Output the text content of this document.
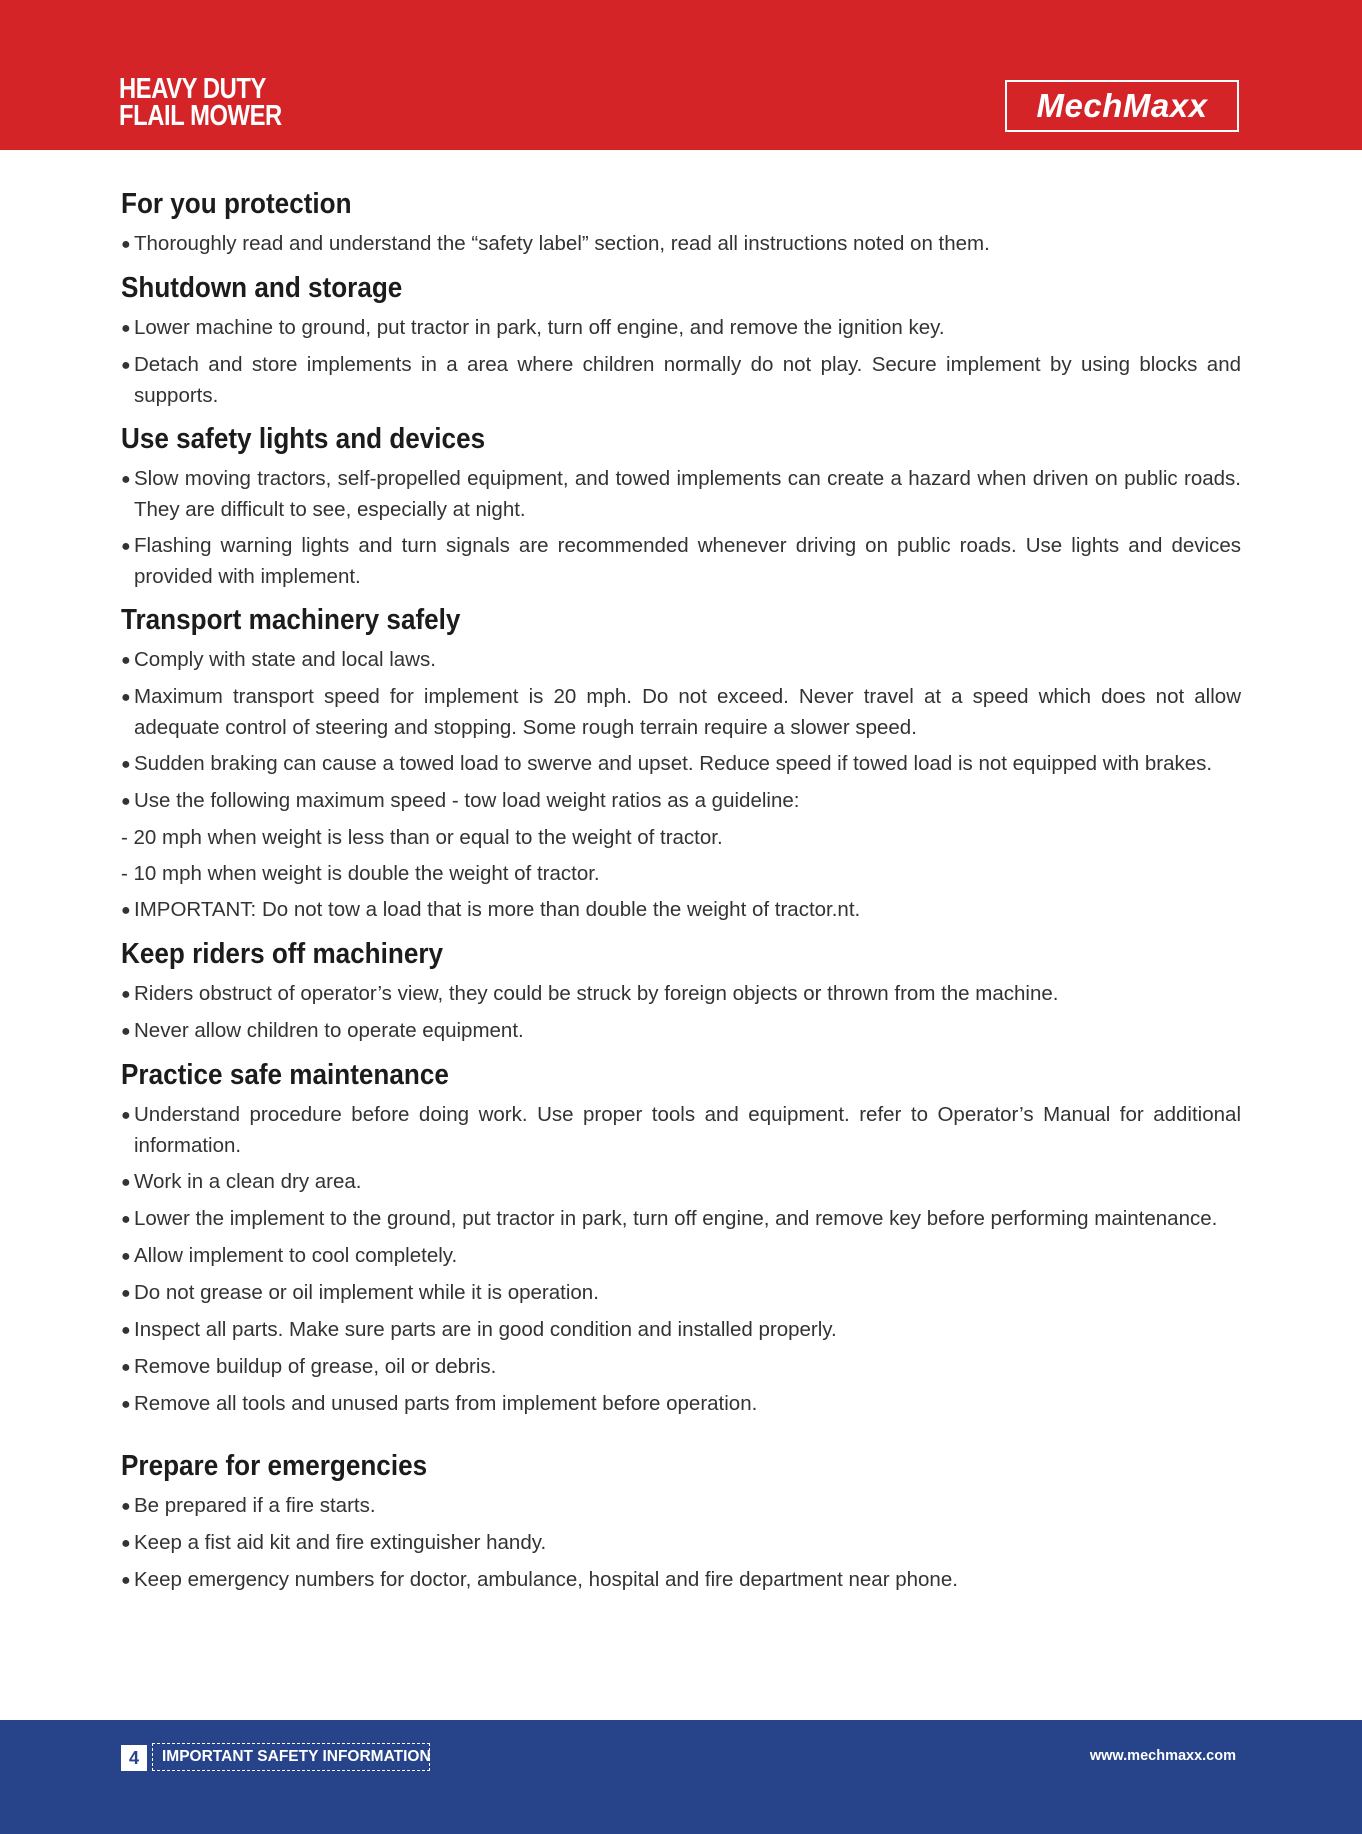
HEAVY DUTY
FLAIL MOWER	MechMaxx
For you protection
● Thoroughly read and understand the “safety label” section, read all instructions noted on them.
Shutdown and storage
● Lower machine to ground, put tractor in park, turn off engine, and remove the ignition key.
● Detach and store implements in a area where children normally do not play. Secure implement by using blocks and supports.
Use safety lights and devices
● Slow moving tractors, self-propelled equipment, and towed implements can create a hazard when driven on public roads. They are difficult to see, especially at night.
● Flashing warning lights and turn signals are recommended whenever driving on public roads. Use lights and devices provided with implement.
Transport machinery safely
● Comply with state and local laws.
● Maximum transport speed for implement is 20 mph. Do not exceed. Never travel at a speed which does not allow adequate control of steering and stopping. Some rough terrain require a slower speed.
● Sudden braking can cause a towed load to swerve and upset. Reduce speed if towed load is not equipped with brakes.
● Use the following maximum speed - tow load weight ratios as a guideline:
- 20 mph when weight is less than or equal to the weight of tractor.
- 10 mph when weight is double the weight of tractor.
● IMPORTANT: Do not tow a load that is more than double the weight of tractor.nt.
Keep riders off machinery
● Riders obstruct of operator’s view, they could be struck by foreign objects or thrown from the machine.
● Never allow children to operate equipment.
Practice safe maintenance
● Understand procedure before doing work. Use proper tools and equipment. refer to Operator’s Manual for additional information.
● Work in a clean dry area.
● Lower the implement to the ground, put tractor in park, turn off engine, and remove key before performing maintenance.
● Allow implement to cool completely.
● Do not grease or oil implement while it is operation.
● Inspect all parts. Make sure parts are in good condition and installed properly.
● Remove buildup of grease, oil or debris.
● Remove all tools and unused parts from implement before operation.
Prepare for emergencies
● Be prepared if a fire starts.
● Keep a fist aid kit and fire extinguisher handy.
● Keep emergency numbers for doctor, ambulance, hospital and fire department near phone.
4	IMPORTANT SAFETY INFORMATION	www.mechmaxx.com
